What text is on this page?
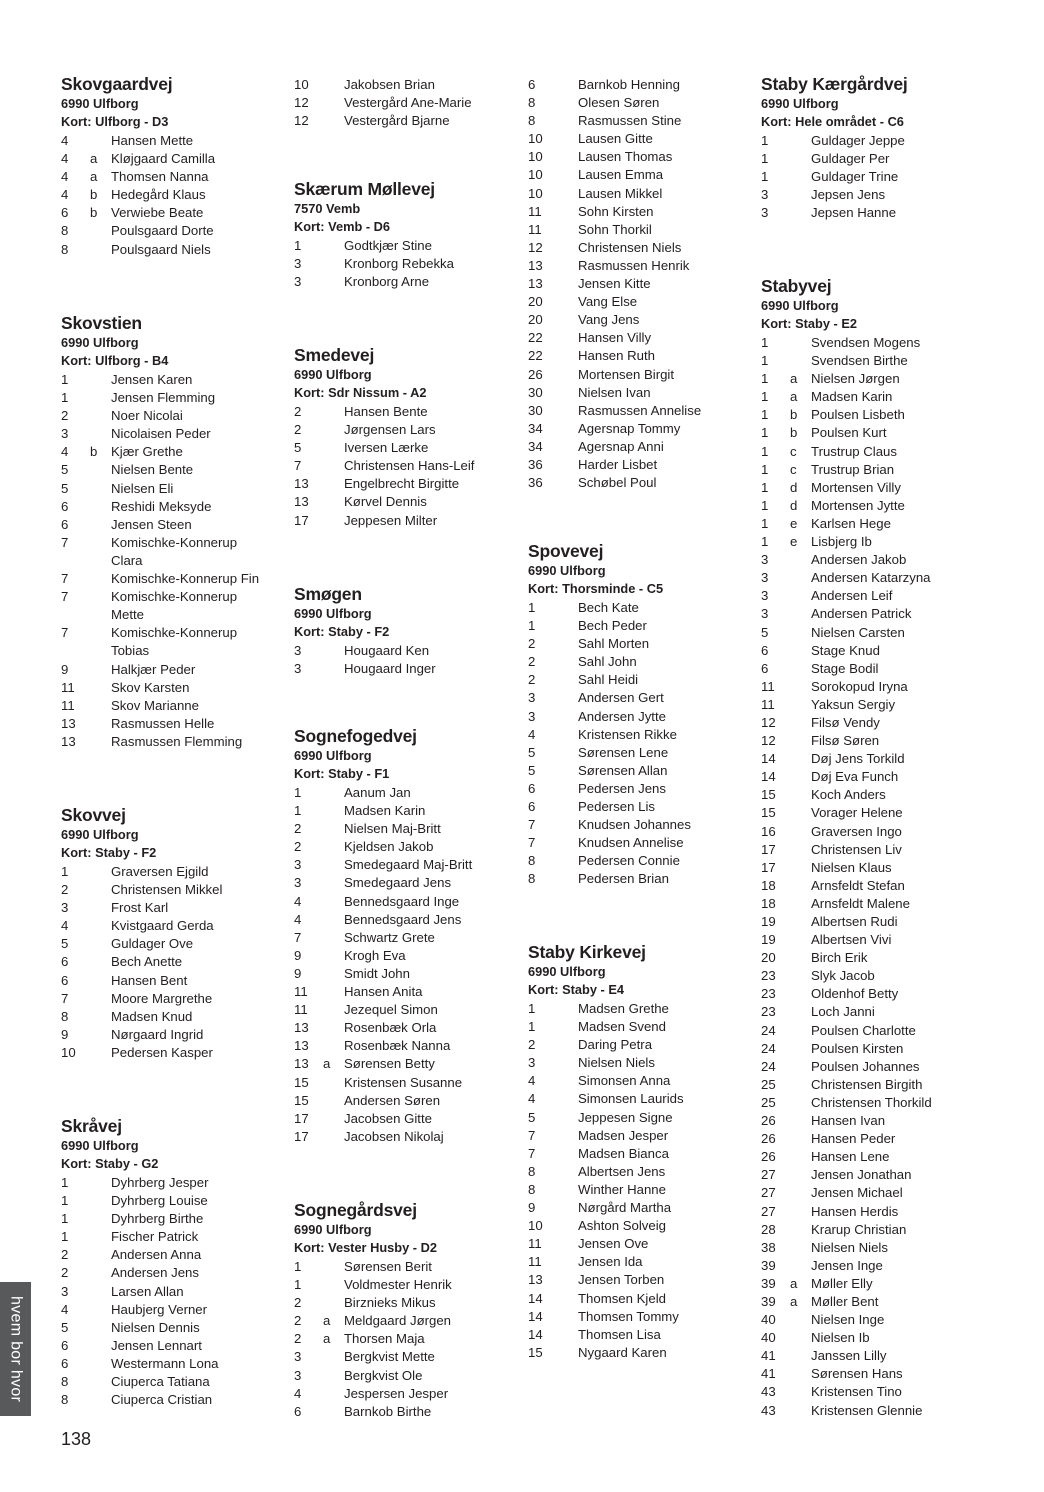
Skovgaardvej
6990 Ulfborg
Kort: Ulfborg - D3
4	Hansen Mette
4	a	Kløjgaard Camilla
4	a	Thomsen Nanna
4	b	Hedegård Klaus
6	b	Verwiebe Beate
8	Poulsgaard Dorte
8	Poulsgaard Niels
Skovstien
6990 Ulfborg
Kort: Ulfborg - B4
1	Jensen Karen
1	Jensen Flemming
2	Noer Nicolai
3	Nicolaisen Peder
4	b	Kjær Grethe
5	Nielsen Bente
5	Nielsen Eli
6	Reshidi Meksyde
6	Jensen Steen
7	Komischke-Konnerup Clara
7	Komischke-Konnerup Fin
7	Komischke-Konnerup Mette
7	Komischke-Konnerup Tobias
9	Halkjær Peder
11	Skov Karsten
11	Skov Marianne
13	Rasmussen Helle
13	Rasmussen Flemming
Skovvej
6990 Ulfborg
Kort: Staby - F2
1	Graversen Ejgild
2	Christensen Mikkel
3	Frost Karl
4	Kvistgaard Gerda
5	Guldager Ove
6	Bech Anette
6	Hansen Bent
7	Moore Margrethe
8	Madsen Knud
9	Nørgaard Ingrid
10	Pedersen Kasper
Skråvej
6990 Ulfborg
Kort: Staby - G2
1	Dyhrberg Jesper
1	Dyhrberg Louise
1	Dyhrberg Birthe
1	Fischer Patrick
2	Andersen Anna
2	Andersen Jens
3	Larsen Allan
4	Haubjerg Verner
5	Nielsen Dennis
6	Jensen Lennart
6	Westermann Lona
8	Ciuperca Tatiana
8	Ciuperca Cristian
10	Jakobsen Brian
12	Vestergård Ane-Marie
12	Vestergård Bjarne
Skærum Møllevej
7570 Vemb
Kort: Vemb - D6
1	Godtkjær Stine
3	Kronborg Rebekka
3	Kronborg Arne
Smedevej
6990 Ulfborg
Kort: Sdr Nissum - A2
2	Hansen Bente
2	Jørgensen Lars
5	Iversen Lærke
7	Christensen Hans-Leif
13	Engelbrecht Birgitte
13	Kørvel Dennis
17	Jeppesen Milter
Smøgen
6990 Ulfborg
Kort: Staby - F2
3	Hougaard Ken
3	Hougaard Inger
Sognefogedvej
6990 Ulfborg
Kort: Staby - F1
1	Aanum Jan
1	Madsen Karin
2	Nielsen Maj-Britt
2	Kjeldsen Jakob
3	Smedegaard Maj-Britt
3	Smedegaard Jens
4	Bennedsgaard Inge
4	Bennedsgaard Jens
7	Schwartz Grete
9	Krogh Eva
9	Smidt John
11	Hansen Anita
11	Jezequel Simon
13	Rosenbæk Orla
13	Rosenbæk Nanna
13	a	Sørensen Betty
15	Kristensen Susanne
15	Andersen Søren
17	Jacobsen Gitte
17	Jacobsen Nikolaj
Sognegårdsvej
6990 Ulfborg
Kort: Vester Husby - D2
1	Sørensen Berit
1	Voldmester Henrik
2	Birznieks Mikus
2	a	Meldgaard Jørgen
2	a	Thorsen Maja
3	Bergkvist Mette
3	Bergkvist Ole
4	Jespersen Jesper
6	Barnkob Birthe
6	Barnkob Henning
8	Olesen Søren
8	Rasmussen Stine
10	Lausen Gitte
10	Lausen Thomas
10	Lausen Emma
10	Lausen Mikkel
11	Sohn Kirsten
11	Sohn Thorkil
12	Christensen Niels
13	Rasmussen Henrik
13	Jensen Kitte
20	Vang Else
20	Vang Jens
22	Hansen Villy
22	Hansen Ruth
26	Mortensen Birgit
30	Nielsen Ivan
30	Rasmussen Annelise
34	Agersnap Tommy
34	Agersnap Anni
36	Harder Lisbet
36	Schøbel Poul
Spovevej
6990 Ulfborg
Kort: Thorsminde - C5
1	Bech Kate
1	Bech Peder
2	Sahl Morten
2	Sahl John
2	Sahl Heidi
3	Andersen Gert
3	Andersen Jytte
4	Kristensen Rikke
5	Sørensen Lene
5	Sørensen Allan
6	Pedersen Jens
6	Pedersen Lis
7	Knudsen Johannes
7	Knudsen Annelise
8	Pedersen Connie
8	Pedersen Brian
Staby Kirkevej
6990 Ulfborg
Kort: Staby - E4
1	Madsen Grethe
1	Madsen Svend
2	Daring Petra
3	Nielsen Niels
4	Simonsen Anna
4	Simonsen Laurids
5	Jeppesen Signe
7	Madsen Jesper
7	Madsen Bianca
8	Albertsen Jens
8	Winther Hanne
9	Nørgård Martha
10	Ashton Solveig
11	Jensen Ove
11	Jensen Ida
13	Jensen Torben
14	Thomsen Kjeld
14	Thomsen Tommy
14	Thomsen Lisa
15	Nygaard Karen
Staby Kærgårdvej
6990 Ulfborg
Kort: Hele området - C6
1	Guldager Jeppe
1	Guldager Per
1	Guldager Trine
3	Jepsen Jens
3	Jepsen Hanne
Stabyvej
6990 Ulfborg
Kort: Staby - E2
1	Svendsen Mogens
1	Svendsen Birthe
1	a	Nielsen Jørgen
1	a	Madsen Karin
1	b	Poulsen Lisbeth
1	b	Poulsen Kurt
1	c	Trustrup Claus
1	c	Trustrup Brian
1	d	Mortensen Villy
1	d	Mortensen Jytte
1	e	Karlsen Hege
1	e	Lisbjerg Ib
3	Andersen Jakob
3	Andersen Katarzyna
3	Andersen Leif
3	Andersen Patrick
5	Nielsen Carsten
6	Stage Knud
6	Stage Bodil
11	Sorokopud Iryna
11	Yaksun Sergiy
12	Filsø Vendy
12	Filsø Søren
14	Døj Jens Torkild
14	Døj Eva Funch
15	Koch Anders
15	Vorager Helene
16	Graversen Ingo
17	Christensen Liv
17	Nielsen Klaus
18	Arnsfeldt Stefan
18	Arnsfeldt Malene
19	Albertsen Rudi
19	Albertsen Vivi
20	Birch Erik
23	Slyk Jacob
23	Oldenhof Betty
23	Loch Janni
24	Poulsen Charlotte
24	Poulsen Kirsten
24	Poulsen Johannes
25	Christensen Birgith
25	Christensen Thorkild
26	Hansen Ivan
26	Hansen Peder
26	Hansen Lene
27	Jensen Jonathan
27	Jensen Michael
27	Hansen Herdis
28	Krarup Christian
38	Nielsen Niels
39	Jensen Inge
39	a	Møller Elly
39	a	Møller Bent
40	Nielsen Inge
40	Nielsen Ib
41	Janssen Lilly
41	Sørensen Hans
43	Kristensen Tino
43	Kristensen Glennie
hvem bor hvor
138
